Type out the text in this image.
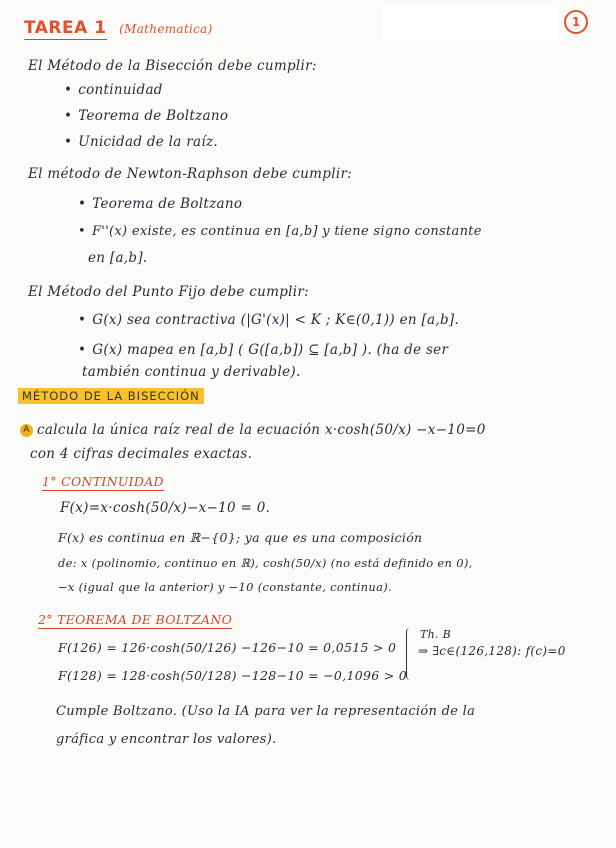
1
TAREA 1 (Mathematica)
El Método de la Bisección debe cumplir:
• continuidad
• Teorema de Boltzano
• Unicidad de la raíz.
El método de Newton-Raphson debe cumplir:
• Teorema de Boltzano
• F''(x) existe, es continua en [a,b] y tiene signo constante
en [a,b].
El Método del Punto Fijo debe cumplir:
• G(x) sea contractiva (|G'(x)| < K ; K∈(0,1)) en [a,b].
• G(x) mapea en [a,b] ( G([a,b]) ⊆ [a,b] ). (ha de ser
también continua y derivable).
MÉTODO DE LA BISECCIÓN
A calcula la única raíz real de la ecuación x·cosh(50/x) −x−10=0
con 4 cifras decimales exactas.
1° CONTINUIDAD
F(x)=x·cosh(50/x)−x−10 = 0.
F(x) es continua en ℝ−{0}; ya que es una composición
de: x (polinomio, continuo en ℝ), cosh(50/x) (no está definido en 0),
−x (igual que la anterior) y −10 (constante, continua).
2° TEOREMA DE BOLTZANO
F(126) = 126·cosh(50/126) −126−10 = 0,0515 > 0
F(128) = 128·cosh(50/128) −128−10 = −0,1096 > 0
Th. B
⇒ ∃c∈(126,128): f(c)=0
Cumple Boltzano. (Uso la IA para ver la representación de la
gráfica y encontrar los valores).
